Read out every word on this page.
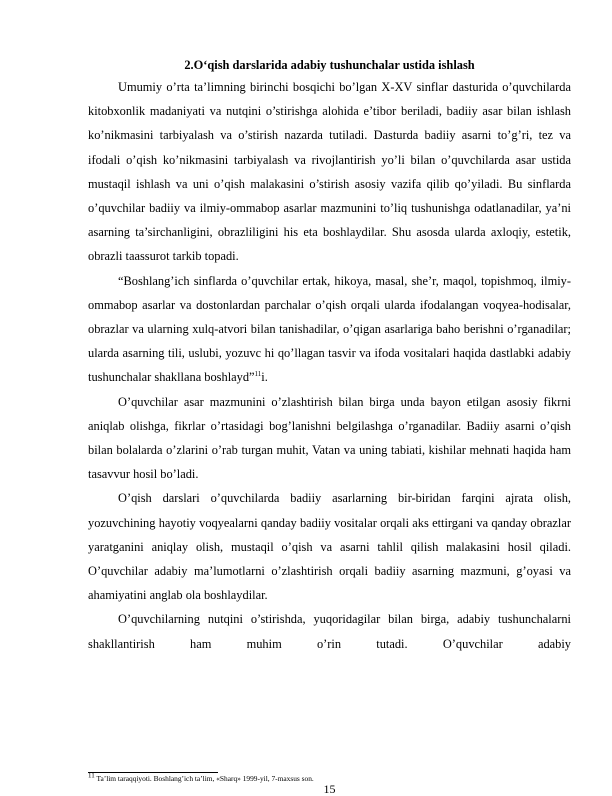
2.O‘qish darslarida adabiy tushunchalar ustida ishlash

Umumiy o’rta ta’limning birinchi bosqichi bo’lgan X-XV sinflar dasturida o’quvchilarda kitobxonlik madaniyati va nutqini o’stirishga alohida e’tibor beriladi, badiiy asar bilan ishlash ko’nikmasini tarbiyalash va o’stirish nazarda tutiladi. Dasturda badiiy asarni to’g’ri, tez va ifodali o’qish ko’nikmasini tarbiyalash va rivojlantirish yo’li bilan o’quvchilarda asar ustida mustaqil ishlash va uni o’qish malakasini o’stirish asosiy vazifa qilib qo’yiladi. Bu sinflarda o’quvchilar badiiy va ilmiy-ommabop asarlar mazmunini to’liq tushunishga odatlanadilar, ya’ni asarning ta’sirchanligini, obrazliligini his eta boshlaydilar. Shu asosda ularda axloqiy, estetik, obrazli taassurot tarkib topadi.

“Boshlang’ich sinflarda o’quvchilar ertak, hikoya, masal, she’r, maqol, topishmoq, ilmiy-ommabop asarlar va dostonlardan parchalar o’qish orqali ularda ifodalangan voqyea-hodisalar, obrazlar va ularning xulq-atvori bilan tanishadilar, o’qigan asarlariga baho berishni o’rganadilar; ularda asarning tili, uslubi, yozuvc hi qo’llagan tasvir va ifoda vositalari haqida dastlabki adabiy tushunchalar shakllana boshlayd”$^{11}$i.

O’quvchilar asar mazmunini o’zlashtirish bilan birga unda bayon etilgan asosiy fikrni aniqlab olishga, fikrlar o’rtasidagi bog’lanishni belgilashga o’rganadilar. Badiiy asarni o’qish bilan bolalarda o’zlarini o’rab turgan muhit, Vatan va uning tabiati, kishilar mehnati haqida ham tasavvur hosil bo’ladi.

O’qish darslari o’quvchilarda badiiy asarlarning bir-biridan farqini ajrata olish, yozuvchining hayotiy voqyealarni qanday badiiy vositalar orqali aks ettirgani va qanday obrazlar yaratganini aniqlay olish, mustaqil o’qish va asarni tahlil qilish malakasini hosil qiladi. O’quvchilar adabiy ma’lumotlarni o’zlashtirish orqali badiiy asarning mazmuni, g’oyasi va ahamiyatini anglab ola boshlaydilar.

O’quvchilarning nutqini o’stirishda, yuqoridagilar bilan birga, adabiy tushunchalarni shakllantirish ham muhim o’rin tutadi. O’quvchilar adabiy

$^{11}$ Ta’lim taraqqiyoti. Boshlang’ich ta’lim, «Sharq» 1999-yil, 7-maxsus son.
15
